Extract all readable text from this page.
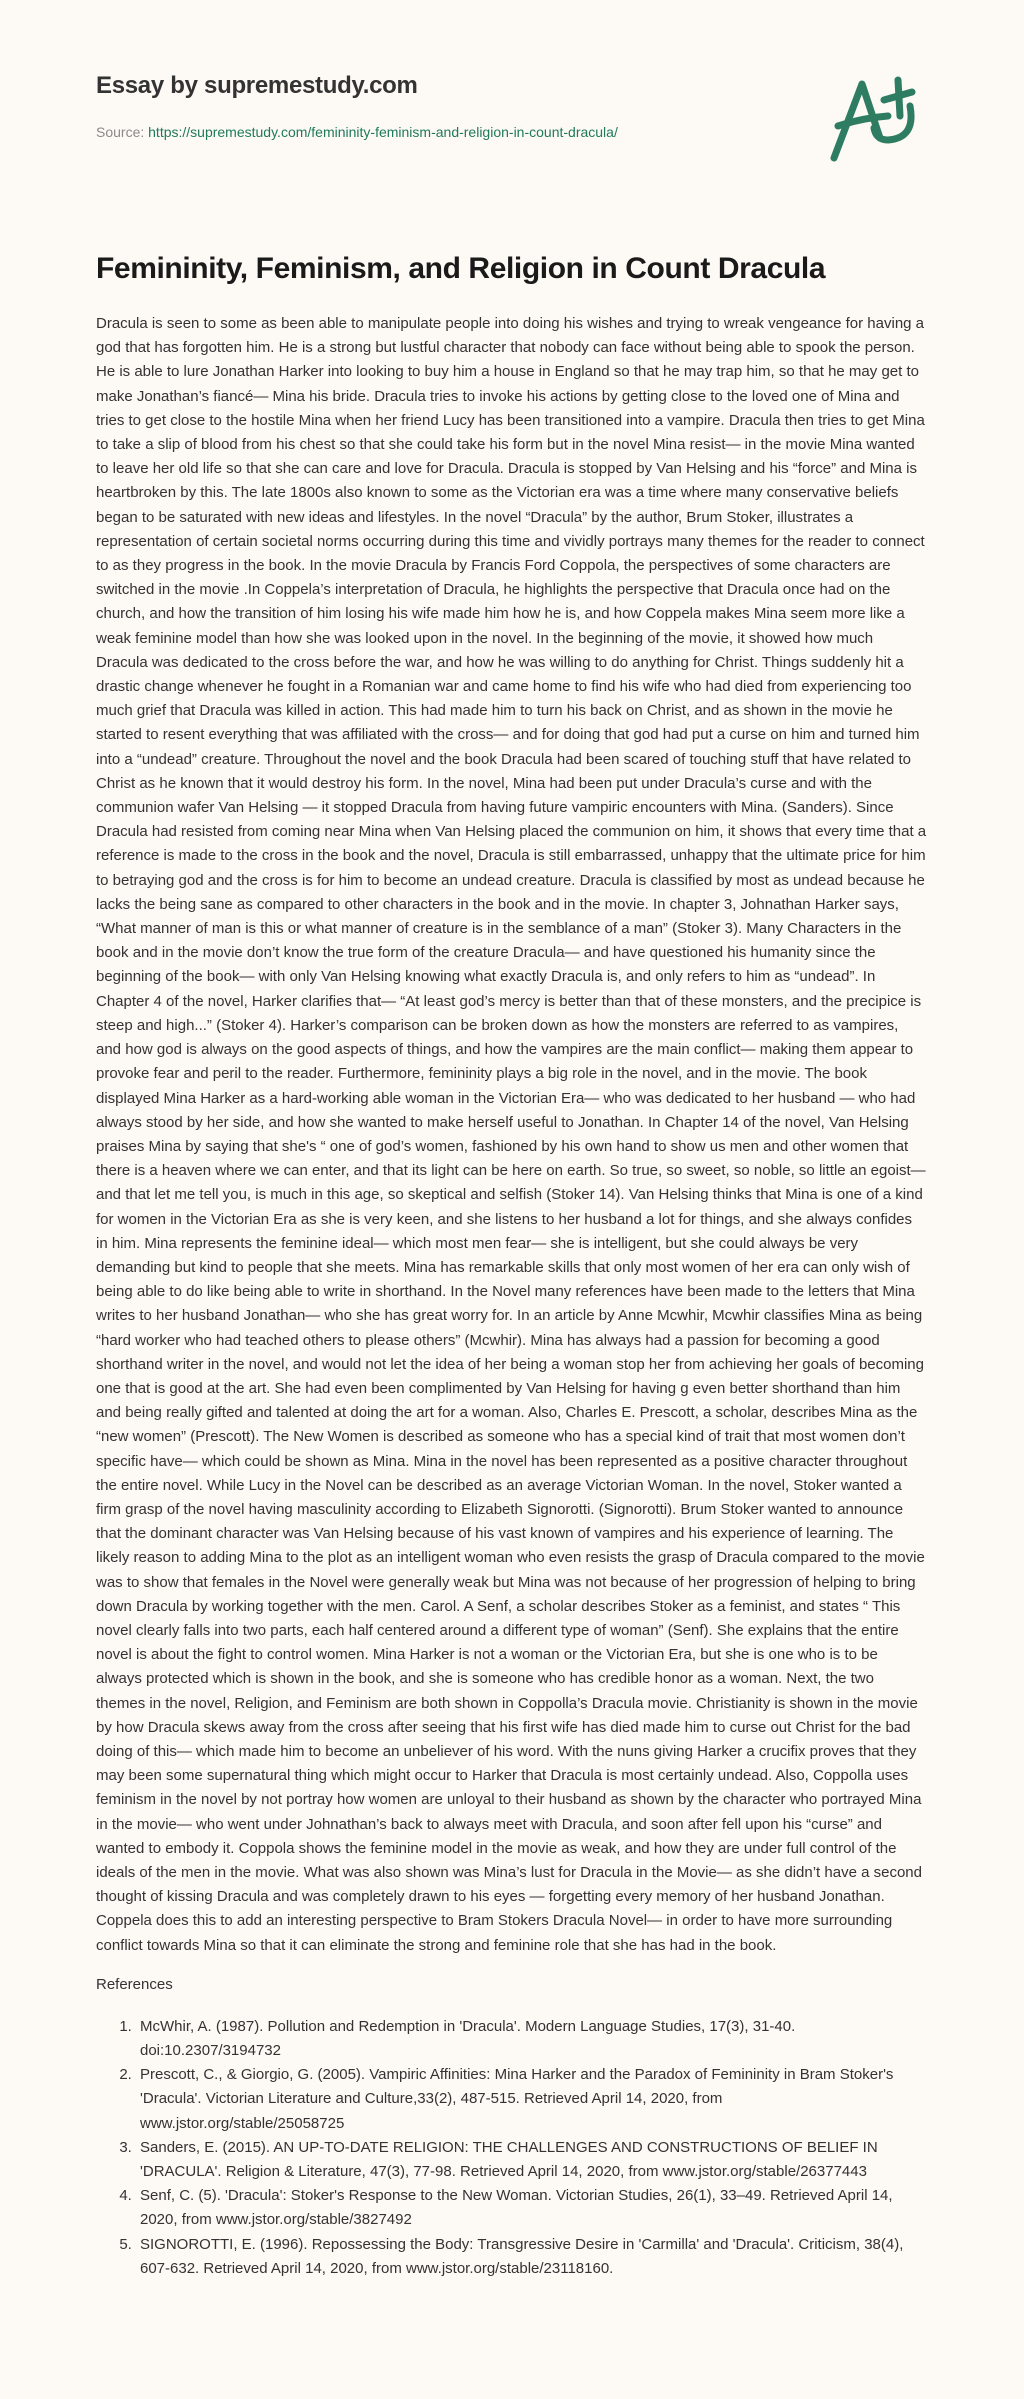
Essay by supremestudy.com
Source: https://supremestudy.com/femininity-feminism-and-religion-in-count-dracula/
Femininity, Feminism, and Religion in Count Dracula

Dracula is seen to some as been able to manipulate people into doing his wishes and trying to wreak vengeance for having a god that has forgotten him. He is a strong but lustful character that nobody can face without being able to spook the person. He is able to lure Jonathan Harker into looking to buy him a house in England so that he may trap him, so that he may get to make Jonathan’s fiancé— Mina his bride. Dracula tries to invoke his actions by getting close to the loved one of Mina and tries to get close to the hostile Mina when her friend Lucy has been transitioned into a vampire. Dracula then tries to get Mina to take a slip of blood from his chest so that she could take his form but in the novel Mina resist— in the movie Mina wanted to leave her old life so that she can care and love for Dracula. Dracula is stopped by Van Helsing and his “force” and Mina is heartbroken by this. The late 1800s also known to some as the Victorian era was a time where many conservative beliefs began to be saturated with new ideas and lifestyles. In the novel “Dracula” by the author, Brum Stoker, illustrates a representation of certain societal norms occurring during this time and vividly portrays many themes for the reader to connect to as they progress in the book. In the movie Dracula by Francis Ford Coppola, the perspectives of some characters are switched in the movie .In Coppela’s interpretation of Dracula, he highlights the perspective that Dracula once had on the church, and how the transition of him losing his wife made him how he is, and how Coppela makes Mina seem more like a weak feminine model than how she was looked upon in the novel. In the beginning of the movie, it showed how much Dracula was dedicated to the cross before the war, and how he was willing to do anything for Christ. Things suddenly hit a drastic change whenever he fought in a Romanian war and came home to find his wife who had died from experiencing too much grief that Dracula was killed in action. This had made him to turn his back on Christ, and as shown in the movie he started to resent everything that was affiliated with the cross— and for doing that god had put a curse on him and turned him into a “undead” creature. Throughout the novel and the book Dracula had been scared of touching stuff that have related to Christ as he known that it would destroy his form. In the novel, Mina had been put under Dracula’s curse and with the communion wafer Van Helsing — it stopped Dracula from having future vampiric encounters with Mina. (Sanders). Since Dracula had resisted from coming near Mina when Van Helsing placed the communion on him, it shows that every time that a reference is made to the cross in the book and the novel, Dracula is still embarrassed, unhappy that the ultimate price for him to betraying god and the cross is for him to become an undead creature. Dracula is classified by most as undead because he lacks the being sane as compared to other characters in the book and in the movie. In chapter 3, Johnathan Harker says, “What manner of man is this or what manner of creature is in the semblance of a man” (Stoker 3). Many Characters in the book and in the movie don’t know the true form of the creature Dracula— and have questioned his humanity since the beginning of the book— with only Van Helsing knowing what exactly Dracula is, and only refers to him as “undead”. In Chapter 4 of the novel, Harker clarifies that— “At least god’s mercy is better than that of these monsters, and the precipice is steep and high...” (Stoker 4). Harker’s comparison can be broken down as how the monsters are referred to as vampires, and how god is always on the good aspects of things, and how the vampires are the main conflict— making them appear to provoke fear and peril to the reader. Furthermore, femininity plays a big role in the novel, and in the movie. The book displayed Mina Harker as a hard-working able woman in the Victorian Era— who was dedicated to her husband — who had always stood by her side, and how she wanted to make herself useful to Jonathan. In Chapter 14 of the novel, Van Helsing praises Mina by saying that she's “ one of god’s women, fashioned by his own hand to show us men and other women that there is a heaven where we can enter, and that its light can be here on earth. So true, so sweet, so noble, so little an egoist— and that let me tell you, is much in this age, so skeptical and selfish (Stoker 14). Van Helsing thinks that Mina is one of a kind for women in the Victorian Era as she is very keen, and she listens to her husband a lot for things, and she always confides in him. Mina represents the feminine ideal— which most men fear— she is intelligent, but she could always be very demanding but kind to people that she meets. Mina has remarkable skills that only most women of her era can only wish of being able to do like being able to write in shorthand. In the Novel many references have been made to the letters that Mina writes to her husband Jonathan— who she has great worry for. In an article by Anne Mcwhir, Mcwhir classifies Mina as being “hard worker who had teached others to please others” (Mcwhir). Mina has always had a passion for becoming a good shorthand writer in the novel, and would not let the idea of her being a woman stop her from achieving her goals of becoming one that is good at the art. She had even been complimented by Van Helsing for having g even better shorthand than him and being really gifted and talented at doing the art for a woman. Also, Charles E. Prescott, a scholar, describes Mina as the “new women” (Prescott). The New Women is described as someone who has a special kind of trait that most women don’t specific have— which could be shown as Mina. Mina in the novel has been represented as a positive character throughout the entire novel. While Lucy in the Novel can be described as an average Victorian Woman. In the novel, Stoker wanted a firm grasp of the novel having masculinity according to Elizabeth Signorotti. (Signorotti). Brum Stoker wanted to announce that the dominant character was Van Helsing because of his vast known of vampires and his experience of learning. The likely reason to adding Mina to the plot as an intelligent woman who even resists the grasp of Dracula compared to the movie was to show that females in the Novel were generally weak but Mina was not because of her progression of helping to bring down Dracula by working together with the men. Carol. A Senf, a scholar describes Stoker as a feminist, and states “ This novel clearly falls into two parts, each half centered around a different type of woman” (Senf). She explains that the entire novel is about the fight to control women. Mina Harker is not a woman or the Victorian Era, but she is one who is to be always protected which is shown in the book, and she is someone who has credible honor as a woman. Next, the two themes in the novel, Religion, and Feminism are both shown in Coppolla’s Dracula movie. Christianity is shown in the movie by how Dracula skews away from the cross after seeing that his first wife has died made him to curse out Christ for the bad doing of this— which made him to become an unbeliever of his word. With the nuns giving Harker a crucifix proves that they may been some supernatural thing which might occur to Harker that Dracula is most certainly undead. Also, Coppolla uses feminism in the novel by not portray how women are unloyal to their husband as shown by the character who portrayed Mina in the movie— who went under Johnathan’s back to always meet with Dracula, and soon after fell upon his “curse” and wanted to embody it. Coppola shows the feminine model in the movie as weak, and how they are under full control of the ideals of the men in the movie. What was also shown was Mina’s lust for Dracula in the Movie— as she didn’t have a second thought of kissing Dracula and was completely drawn to his eyes — forgetting every memory of her husband Jonathan. Coppela does this to add an interesting perspective to Bram Stokers Dracula Novel— in order to have more surrounding conflict towards Mina so that it can eliminate the strong and feminine role that she has had in the book.

References
1. McWhir, A. (1987). Pollution and Redemption in 'Dracula'. Modern Language Studies, 17(3), 31-40. doi:10.2307/3194732
2. Prescott, C., & Giorgio, G. (2005). Vampiric Affinities: Mina Harker and the Paradox of Femininity in Bram Stoker's 'Dracula'. Victorian Literature and Culture,33(2), 487-515. Retrieved April 14, 2020, from www.jstor.org/stable/25058725
3. Sanders, E. (2015). AN UP-TO-DATE RELIGION: THE CHALLENGES AND CONSTRUCTIONS OF BELIEF IN 'DRACULA'. Religion & Literature, 47(3), 77-98. Retrieved April 14, 2020, from www.jstor.org/stable/26377443
4. Senf, C. (5). 'Dracula': Stoker's Response to the New Woman. Victorian Studies, 26(1), 33–49. Retrieved April 14, 2020, from www.jstor.org/stable/3827492
5. SIGNOROTTI, E. (1996). Repossessing the Body: Transgressive Desire in 'Carmilla' and 'Dracula'. Criticism, 38(4), 607-632. Retrieved April 14, 2020, from www.jstor.org/stable/23118160.
